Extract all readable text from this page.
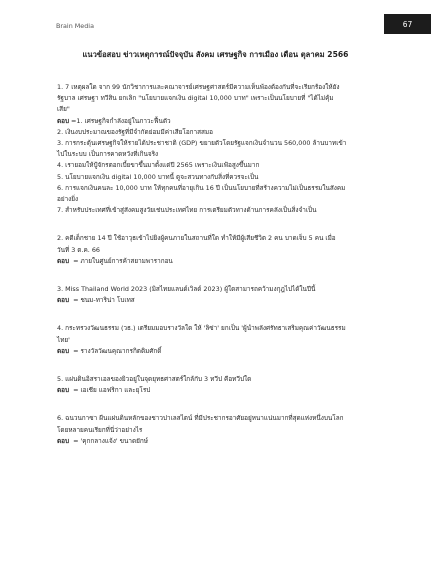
Brain Media	67
แนวข้อสอบ ข่าวเหตุการณ์ปัจจุบัน สังคม เศรษฐกิจ การเมือง เดือน ตุลาคม 2566

1. 7 เหตุผลใด จาก 99 นักวิชาการและคณาจารย์เศรษฐศาสตร์มีความเห็นพ้องต้องกันที่จะเรียกร้องให้ยัง

รัฐบาล เศรษฐา ทวีสิน ยกเลิก "นโยบายแจกเงิน digital 10,000 บาท" เพราะเป็นนโยบายที่ "ได้ไม่คุ้ม

เสีย"

ตอบ =1. เศรษฐกิจกำลังอยู่ในภาวะฟื้นตัว

2. เงินงบประมาณของรัฐที่มีจำกัดย่อมมีค่าเสียโอกาสสมอ

3. การกระตุ้นเศรษฐกิจให้รายได้ประชาชาติ (GDP) ขยายตัวโดยรัฐแจกเงินจำนวน 560,000 ล้านบาทเข้า

ไปในระบบ เป็นการคาดหวังที่เกินจริง

4. เรายอมให้ปู้จักรตอกเบี้ยขาขึ้นมาตั้งแต่ปี 2565 เพราะเงินเฟ้อสูงขึ้นมาก

5. นโยบายแจกเงิน digital 10,000 บาทนี้ ดูจะสวนทางกับสิ่งที่ควรจะเป็น

6. การแจกเงินคนละ 10,000 บาท ให้ทุกคนที่อายุเกิน 16 ปี เป็นนโยบายที่สร้างความไม่เป็นธรรมในสังคม

อย่างยิ่ง

7. สำหรับประเทศที่เข้าสู่สังคมสูงวัยเช่นประเทศไทย การเตรียมตัวทางด้านการคลังเป็นสิ่งจำเป็น

2. คดีเด็กชาย 14 ปี ใช้อาวุธเข้าไปยิงผู้คนภายในสถานที่ใด ทำให้มีผู้เสียชีวิต 2 คน บาดเจ็บ 5 คน เมื่อ

วันที่ 3 ต.ค. 66

ตอบ = ภายในศูนย์การค้าสยามพารากอน

3. Miss Thailand World 2023 (มิสไทยแลนด์เวิลด์ 2023) ผู้ใดสามารถคว้ามงกุฎไปได้ในปีนี้

ตอบ = ชนม-ทาริน่า โบเทส

4. กระทรวงวัฒนธรรม (วธ.) เตรียมมอบรางวัลใด ให้ 'ลิซ่า' ยกเป็น 'ผู้นำพลังศรัทธาเสริมคุณค่าวัฒนธรรม

ไทย'

ตอบ = รางวัลวัฒนคุณากรกิตติมศักดิ์

5. แผ่นดินอิสราเอลของยิวอยู่ในจุดยุทธศาสตร์ใกล้กับ 3 ทวีป คือทวีปใด

ตอบ = เอเชีย แอฟริกา และยุโรป

6. ฉนวนกาซา ผืนแผ่นดินหลักของชาวปาเลสไตน์ ที่มีประชากรอาศัยอยู่หนาแน่นมากที่สุดแห่งหนึ่งบนโลก

โดยหลายคนเรียกที่นี่ว่าอย่างไร

ตอบ = 'คุกกลางแจ้ง' ขนาดยักษ์
